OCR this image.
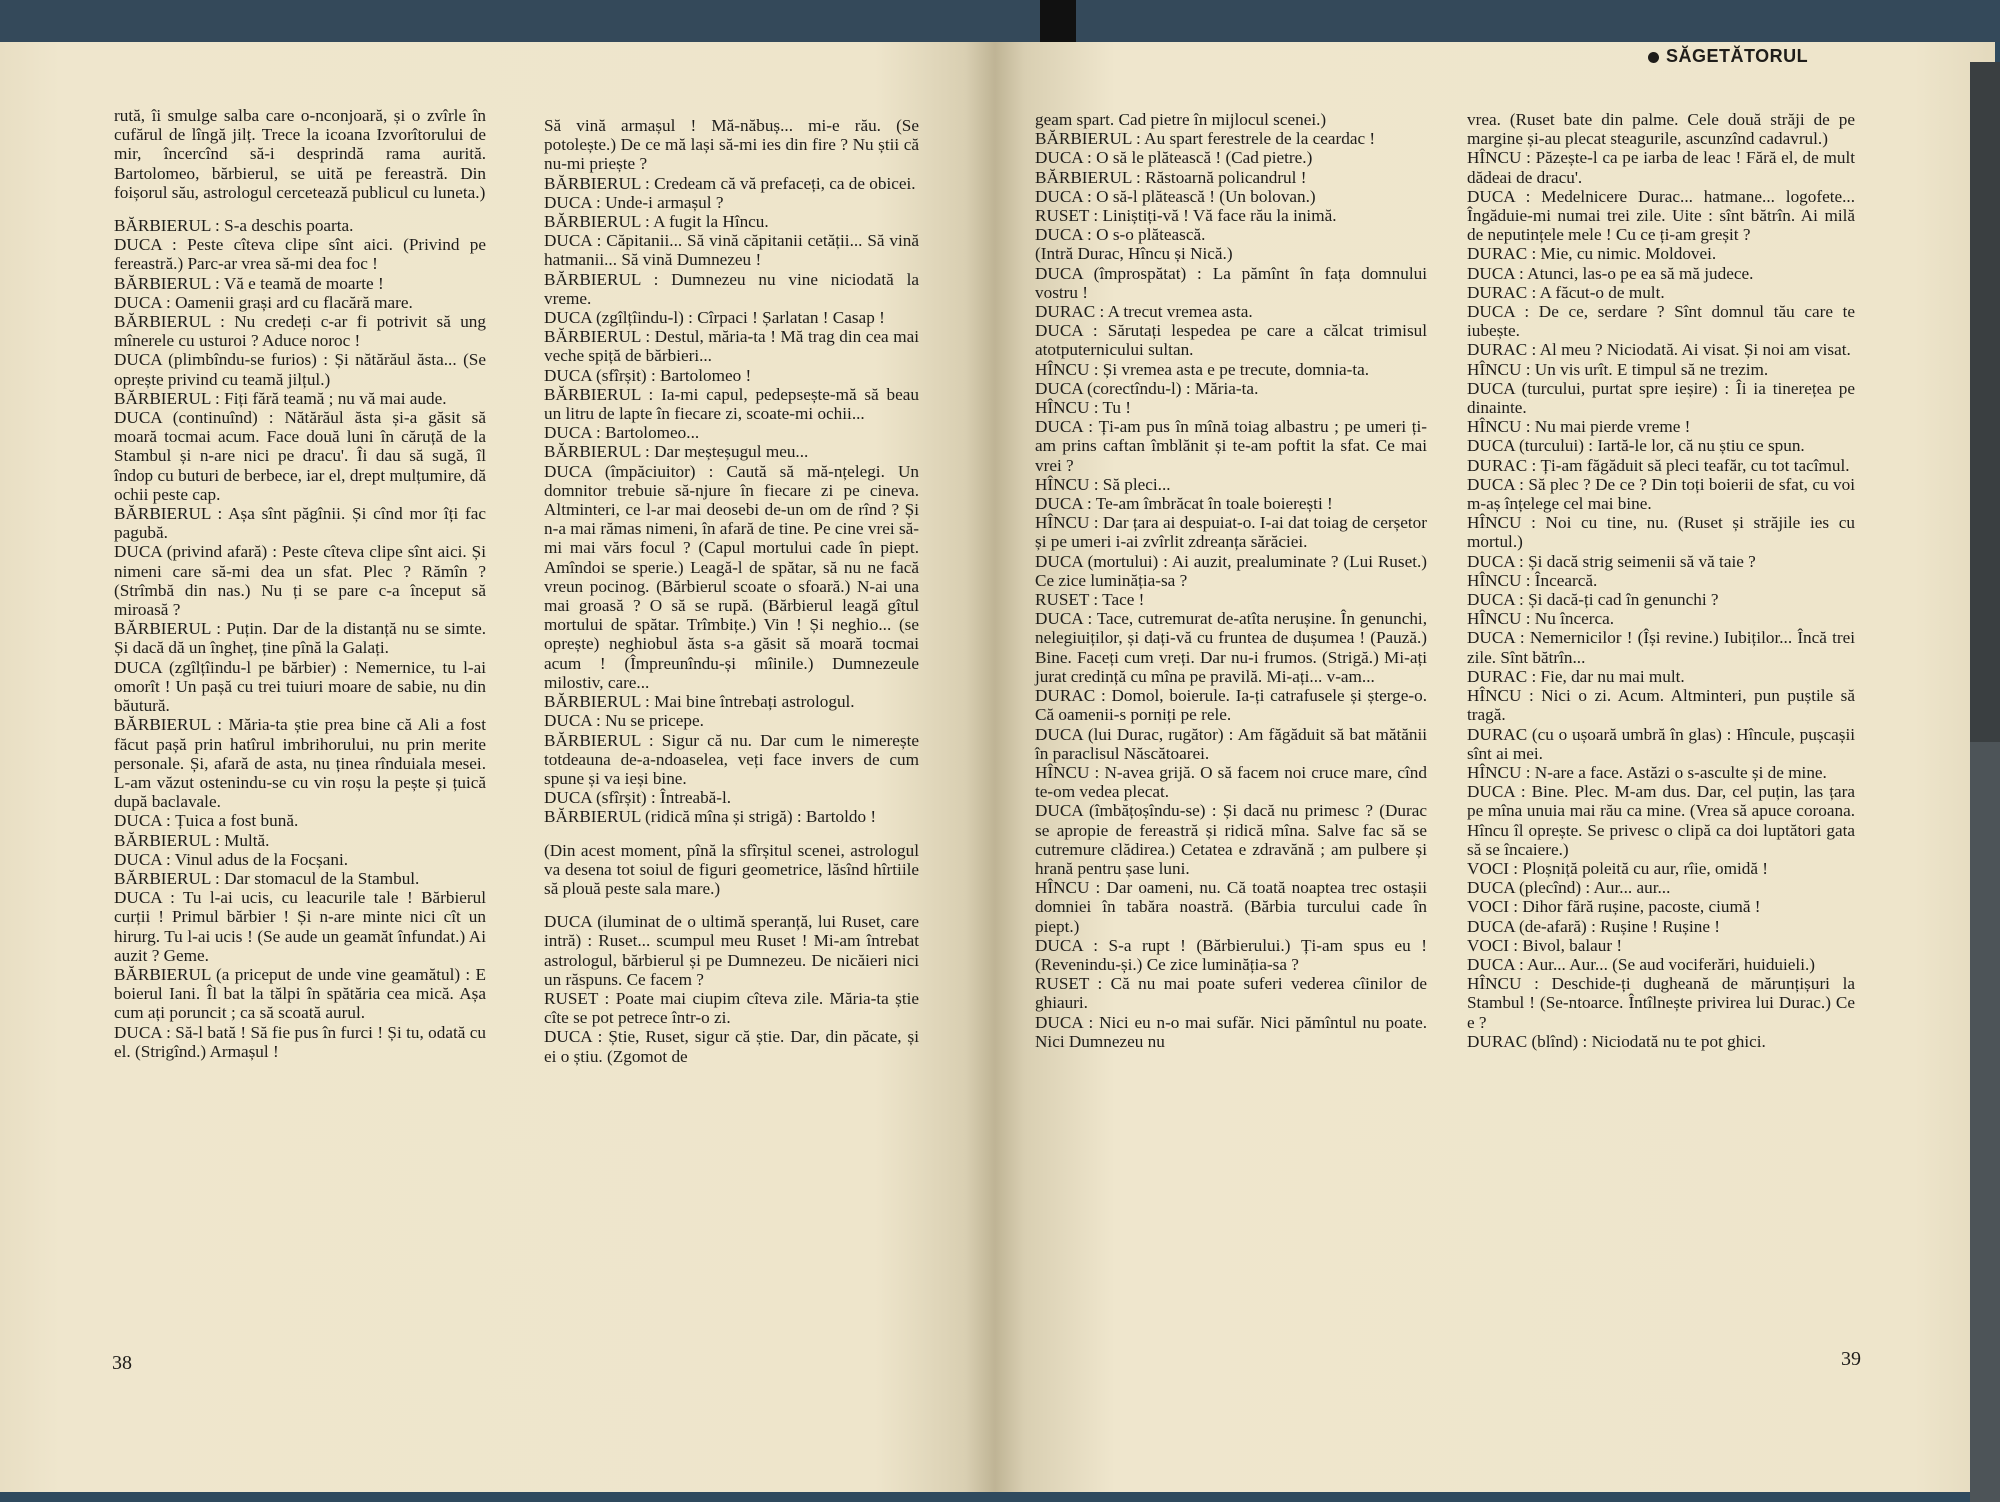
rută, îi smulge salba care o-nconjoară, și o zvîrle în cufărul de lîngă jilț. Trece la icoana Izvorîtorului de mir, încercînd să-i desprindă rama aurită. Bartolomeo, bărbierul, se uită pe fereastră. Din foișorul său, astrologul cercetează publicul cu luneta.)

BĂRBIERUL : S-a deschis poarta.

DUCA : Peste cîteva clipe sînt aici. (Privind pe fereastră.) Parc-ar vrea să-mi dea foc !

BĂRBIERUL : Vă e teamă de moarte !

DUCA : Oamenii grași ard cu flacără mare.

BĂRBIERUL : Nu credeți c-ar fi potrivit să ung mînerele cu usturoi ? Aduce noroc !

DUCA (plimbîndu-se furios) : Și nătărăul ăsta... (Se oprește privind cu teamă jilțul.)

BĂRBIERUL : Fiți fără teamă ; nu vă mai aude.

DUCA (continuînd) : Nătărăul ăsta și-a găsit să moară tocmai acum. Face două luni în căruță de la Stambul și n-are nici pe dracu'. Îi dau să sugă, îl îndop cu buturi de berbece, iar el, drept mulțumire, dă ochii peste cap.

BĂRBIERUL : Așa sînt păgînii. Și cînd mor îți fac pagubă.

DUCA (privind afară) : Peste cîteva clipe sînt aici. Și nimeni care să-mi dea un sfat. Plec ? Rămîn ? (Strîmbă din nas.) Nu ți se pare c-a început să miroasă ?

BĂRBIERUL : Puțin. Dar de la distanță nu se simte. Și dacă dă un îngheț, ține pînă la Galați.

DUCA (zgîlțîindu-l pe bărbier) : Nemernice, tu l-ai omorît ! Un pașă cu trei tuiuri moare de sabie, nu din băutură.

BĂRBIERUL : Măria-ta știe prea bine că Ali a fost făcut pașă prin hatîrul imbrihorului, nu prin merite personale. Și, afară de asta, nu ținea rînduiala mesei. L-am văzut ostenindu-se cu vin roșu la pește și țuică după baclavale.

DUCA : Țuica a fost bună.

BĂRBIERUL : Multă.

DUCA : Vinul adus de la Focșani.

BĂRBIERUL : Dar stomacul de la Stambul.

DUCA : Tu l-ai ucis, cu leacurile tale ! Bărbierul curții ! Primul bărbier ! Și n-are minte nici cît un hirurg. Tu l-ai ucis ! (Se aude un geamăt înfundat.) Ai auzit ? Geme.

BĂRBIERUL (a priceput de unde vine geamătul) : E boierul Iani. Îl bat la tălpi în spătăria cea mică. Așa cum ați poruncit ; ca să scoată aurul.

DUCA : Să-l bată ! Să fie pus în furci ! Și tu, odată cu el. (Strigînd.) Armașul !

Să vină armașul ! Mă-năbuș... mi-e rău. (Se potolește.) De ce mă lași să-mi ies din fire ? Nu știi că nu-mi priește ?

BĂRBIERUL : Credeam că vă prefaceți, ca de obicei.

DUCA : Unde-i armașul ?

BĂRBIERUL : A fugit la Hîncu.

DUCA : Căpitanii... Să vină căpitanii cetății... Să vină hatmanii... Să vină Dumnezeu !

BĂRBIERUL : Dumnezeu nu vine niciodată la vreme.

DUCA (zgîlțîindu-l) : Cîrpaci ! Șarlatan ! Casap !

BĂRBIERUL : Destul, măria-ta ! Mă trag din cea mai veche spiță de bărbieri...

DUCA (sfîrșit) : Bartolomeo !

BĂRBIERUL : Ia-mi capul, pedepsește-mă să beau un litru de lapte în fiecare zi, scoate-mi ochii...

DUCA : Bartolomeo...

BĂRBIERUL : Dar meșteșugul meu...

DUCA (împăciuitor) : Caută să mă-nțelegi. Un domnitor trebuie să-njure în fiecare zi pe cineva. Altminteri, ce l-ar mai deosebi de-un om de rînd ? Și n-a mai rămas nimeni, în afară de tine. Pe cine vrei să-mi mai vărs focul ? (Capul mortului cade în piept. Amîndoi se sperie.) Leagă-l de spătar, să nu ne facă vreun pocinog. (Bărbierul scoate o sfoară.) N-ai una mai groasă ? O să se rupă. (Bărbierul leagă gîtul mortului de spătar. Trîmbițe.) Vin ! Și neghio... (se oprește) neghiobul ăsta s-a găsit să moară tocmai acum ! (Împreunîndu-și mîinile.) Dumnezeule milostiv, care...

BĂRBIERUL : Mai bine întrebați astrologul.

DUCA : Nu se pricepe.

BĂRBIERUL : Sigur că nu. Dar cum le nimerește totdeauna de-a-ndoaselea, veți face invers de cum spune și va ieși bine.

DUCA (sfîrșit) : Întreabă-l.

BĂRBIERUL (ridică mîna și strigă) : Bartoldo !

(Din acest moment, pînă la sfîrșitul scenei, astrologul va desena tot soiul de figuri geometrice, lăsînd hîrtiile să plouă peste sala mare.)

DUCA (iluminat de o ultimă speranță, lui Ruset, care intră) : Ruset... scumpul meu Ruset ! Mi-am întrebat astrologul, bărbierul și pe Dumnezeu. De nicăieri nici un răspuns. Ce facem ?

RUSET : Poate mai ciupim cîteva zile. Măria-ta știe cîte se pot petrece într-o zi.

DUCA : Știe, Ruset, sigur că știe. Dar, din păcate, și ei o știu. (Zgomot de

38

geam spart. Cad pietre în mijlocul scenei.)

BĂRBIERUL : Au spart ferestrele de la ceardac !

DUCA : O să le plătească ! (Cad pietre.)

BĂRBIERUL : Răstoarnă policandrul !

DUCA : O să-l plătească ! (Un bolovan.)

RUSET : Liniștiți-vă ! Vă face rău la inimă.

DUCA : O s-o plătească.

(Intră Durac, Hîncu și Nică.)

DUCA (împrospătat) : La pămînt în fața domnului vostru !

DURAC : A trecut vremea asta.

DUCA : Sărutați lespedea pe care a călcat trimisul atotputernicului sultan.

HÎNCU : Și vremea asta e pe trecute, domnia-ta.

DUCA (corectîndu-l) : Măria-ta.

HÎNCU : Tu !

DUCA : Ți-am pus în mînă toiag albastru ; pe umeri ți-am prins caftan îmblănit și te-am poftit la sfat. Ce mai vrei ?

HÎNCU : Să pleci...

DUCA : Te-am îmbrăcat în toale boierești !

HÎNCU : Dar țara ai despuiat-o. I-ai dat toiag de cerșetor și pe umeri i-ai zvîrlit zdreanța sărăciei.

DUCA (mortului) : Ai auzit, prealuminate ? (Lui Ruset.) Ce zice luminăția-sa ?

RUSET : Tace !

DUCA : Tace, cutremurat de-atîta nerușine. În genunchi, nelegiuiților, și dați-vă cu fruntea de dușumea ! (Pauză.) Bine. Faceți cum vreți. Dar nu-i frumos. (Strigă.) Mi-ați jurat credință cu mîna pe pravilă. Mi-ați... v-am...

DURAC : Domol, boierule. Ia-ți catrafusele și ștergе-o. Că oamenii-s porniți pe rele.

DUCA (lui Durac, rugător) : Am făgăduit să bat mătănii în paraclisul Născătoarei.

HÎNCU : N-avea grijă. O să facem noi cruce mare, cînd te-om vedea plecat.

DUCA (îmbățoșîndu-se) : Și dacă nu primesc ? (Durac se apropie de fereastră și ridică mîna. Salve fac să se cutremure clădirea.) Cetatea e zdravănă ; am pulbere și hrană pentru șase luni.

HÎNCU : Dar oameni, nu. Că toată noaptea trec ostașii domniei în tabăra noastră. (Bărbia turcului cade în piept.)

DUCA : S-a rupt ! (Bărbierului.) Ți-am spus eu ! (Revenindu-și.) Ce zice luminăția-sa ?

RUSET : Că nu mai poate suferi vederea cîinilor de ghiauri.

DUCA : Nici eu n-o mai sufăr. Nici pămîntul nu poate. Nici Dumnezeu nu

vrea. (Ruset bate din palme. Cele două străji de pe margine și-au plecat steagurile, ascunzînd cadavrul.)

HÎNCU : Păzește-l ca pe iarba de leac ! Fără el, de mult dădeai de dracu'.

DUCA : Medelnicere Durac... hatmane... logofete... Îngăduie-mi numai trei zile. Uite : sînt bătrîn. Ai milă de neputințele mele ! Cu ce ți-am greșit ?

DURAC : Mie, cu nimic. Moldovei.

DUCA : Atunci, las-o pe ea să mă judece.

DURAC : A făcut-o de mult.

DUCA : De ce, serdare ? Sînt domnul tău care te iubește.

DURAC : Al meu ? Niciodată. Ai visat. Și noi am visat.

HÎNCU : Un vis urît. E timpul să ne trezim.

DUCA (turcului, purtat spre ieșire) : Îi ia tinerețea pe dinainte.

HÎNCU : Nu mai pierde vreme !

DUCA (turcului) : Iartă-le lor, că nu știu ce spun.

DURAC : Ți-am făgăduit să pleci teafăr, cu tot tacîmul.

DUCA : Să plec ? De ce ? Din toți boierii de sfat, cu voi m-aș înțelege cel mai bine.

HÎNCU : Noi cu tine, nu. (Ruset și străjile ies cu mortul.)

DUCA : Și dacă strig seimenii să vă taie ?

HÎNCU : Încearcă.

DUCA : Și dacă-ți cad în genunchi ?

HÎNCU : Nu încerca.

DUCA : Nemernicilor ! (Își revine.) Iubiților... Încă trei zile. Sînt bătrîn...

DURAC : Fie, dar nu mai mult.

HÎNCU : Nici o zi. Acum. Altminteri, pun puștile să tragă.

DURAC (cu o ușoară umbră în glas) : Hîncule, pușcașii sînt ai mei.

HÎNCU : N-are a face. Astăzi o s-asculte și de mine.

DUCA : Bine. Plec. M-am dus. Dar, cel puțin, las țara pe mîna unuia mai rău ca mine. (Vrea să apuce coroana. Hîncu îl oprește. Se privesc o clipă ca doi luptători gata să se încaiere.)

VOCI : Ploșniță poleită cu aur, rîie, omidă !

DUCA (plecînd) : Aur... aur...

VOCI : Dihor fără rușine, pacoste, ciumă !

DUCA (de-afară) : Rușine ! Rușine !

VOCI : Bivol, balaur !

DUCA : Aur... Aur... (Se aud vociferări, huiduieli.)

HÎNCU : Deschide-ți dugheană de mărunțișuri la Stambul ! (Se-ntoarce. Întîlnește privirea lui Durac.) Ce e ?

DURAC (blînd) : Niciodată nu te pot ghici.

39
SĂGETĂTORUL
